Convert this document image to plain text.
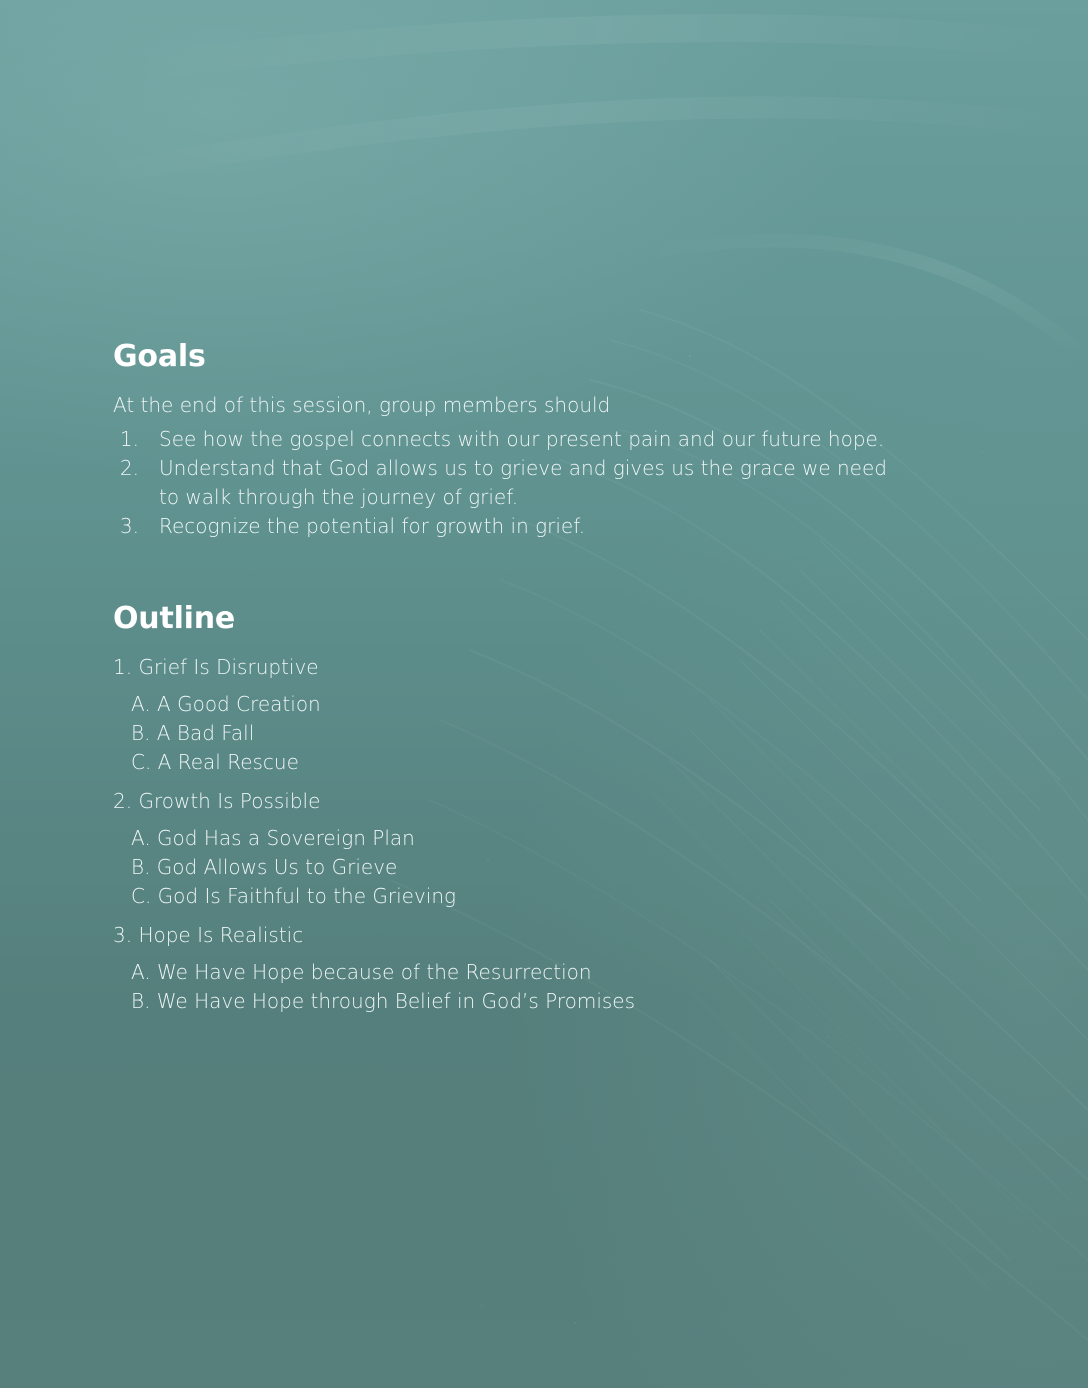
Goals

At the end of this session, group members should

1.	See how the gospel connects with our present pain and our future hope.
2.	Understand that God allows us to grieve and gives us the grace we need to walk through the journey of grief.
3.	Recognize the potential for growth in grief.
Outline

1. Grief Is Disruptive

A. A Good Creation
B. A Bad Fall
C. A Real Rescue

2. Growth Is Possible

A. God Has a Sovereign Plan
B. God Allows Us to Grieve
C. God Is Faithful to the Grieving

3. Hope Is Realistic

A. We Have Hope because of the Resurrection
B. We Have Hope through Belief in God’s Promises
